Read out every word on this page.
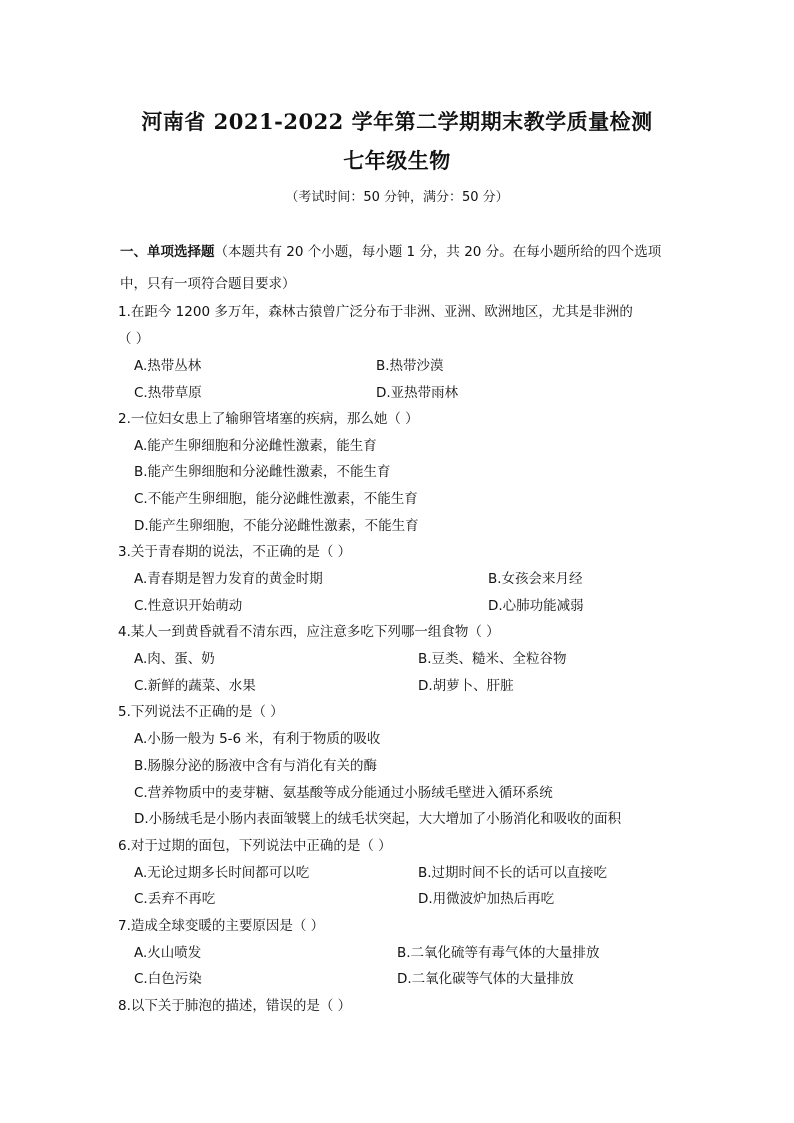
河南省 2021-2022 学年第二学期期末教学质量检测
七年级生物
（考试时间：50 分钟，满分：50 分）
一、单项选择题（本题共有 20 个小题，每小题 1 分，共 20 分。在每小题所给的四个选项
中，只有一项符合题目要求）
1.在距今 1200 多万年，森林古猿曾广泛分布于非洲、亚洲、欧洲地区，尤其是非洲的
（ ）
A.热带丛林	B.热带沙漠
C.热带草原	D.亚热带雨林
2.一位妇女患上了输卵管堵塞的疾病，那么她（ ）
A.能产生卵细胞和分泌雌性激素，能生育
B.能产生卵细胞和分泌雌性激素，不能生育
C.不能产生卵细胞，能分泌雌性激素，不能生育
D.能产生卵细胞，不能分泌雌性激素，不能生育
3.关于青春期的说法，不正确的是（ ）
A.青春期是智力发育的黄金时期	B.女孩会来月经
C.性意识开始萌动	D.心肺功能减弱
4.某人一到黄昏就看不清东西，应注意多吃下列哪一组食物（ ）
A.肉、蛋、奶	B.豆类、糙米、全粒谷物
C.新鲜的蔬菜、水果	D.胡萝卜、肝脏
5.下列说法不正确的是（ ）
A.小肠一般为 5-6 米，有利于物质的吸收
B.肠腺分泌的肠液中含有与消化有关的酶
C.营养物质中的麦芽糖、氨基酸等成分能通过小肠绒毛壁进入循环系统
D.小肠绒毛是小肠内表面皱襞上的绒毛状突起，大大增加了小肠消化和吸收的面积
6.对于过期的面包，下列说法中正确的是（ ）
A.无论过期多长时间都可以吃	B.过期时间不长的话可以直接吃
C.丢弃不再吃	D.用微波炉加热后再吃
7.造成全球变暖的主要原因是（ ）
A.火山喷发	B.二氧化硫等有毒气体的大量排放
C.白色污染	D.二氧化碳等气体的大量排放
8.以下关于肺泡的描述，错误的是（ ）
